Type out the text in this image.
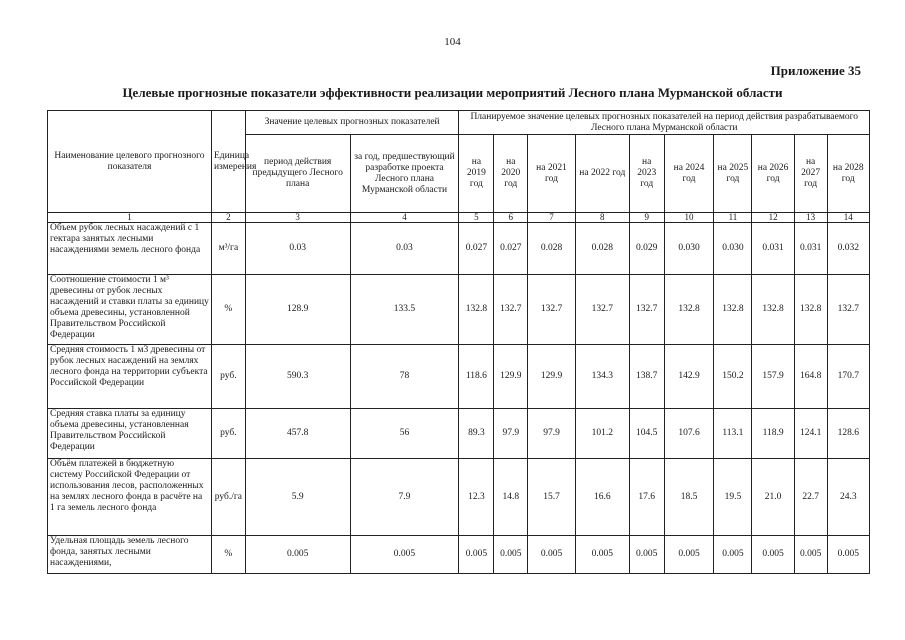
104
Приложение 35
Целевые прогнозные показатели эффективности реализации мероприятий Лесного плана Мурманской области
Наименование целевого прогнозного показателя	Единица измерения	Значение целевых прогнозных показателей		Планируемое значение целевых прогнозных показателей на период действия разрабатываемого Лесного плана Мурманской области									
		период действия предыдущего Лесного плана	за год, предшествующий разработке проекта Лесного плана Мурманской области	на 2019 год	на 2020 год	на 2021 год	на 2022 год	на 2023 год	на 2024 год	на 2025 год	на 2026 год	на 2027 год	на 2028 год
1	2	3	4	5	6	7	8	9	10	11	12	13	14
Объем рубок лесных насаждений с 1 гектара занятых лесными насаждениями земель лесного фонда	м³/га	0.03	0.03	0.027	0.027	0.028	0.028	0.029	0.030	0.030	0.031	0.031	0.032
Соотношение стоимости 1 м³ древесины от рубок лесных насаждений и ставки платы за единицу объема древесины, установленной Правительством Российской Федерации	%	128.9	133.5	132.8	132.7	132.7	132.7	132.7	132.8	132.8	132.8	132.8	132.7
Средняя стоимость 1 м3 древесины от рубок лесных насаждений на землях лесного фонда на территории субъекта Российской Федерации	руб.	590.3	78	118.6	129.9	129.9	134.3	138.7	142.9	150.2	157.9	164.8	170.7
Средняя ставка платы за единицу объема древесины, установленная Правительством Российской Федерации	руб.	457.8	56	89.3	97.9	97.9	101.2	104.5	107.6	113.1	118.9	124.1	128.6
Объём платежей в бюджетную систему Российской Федерации от использования лесов, расположенных на землях лесного фонда в расчёте на 1 га земель лесного фонда	руб./га	5.9	7.9	12.3	14.8	15.7	16.6	17.6	18.5	19.5	21.0	22.7	24.3
Удельная площадь земель лесного фонда, занятых лесными насаждениями,	%	0.005	0.005	0.005	0.005	0.005	0.005	0.005	0.005	0.005	0.005	0.005	0.005
